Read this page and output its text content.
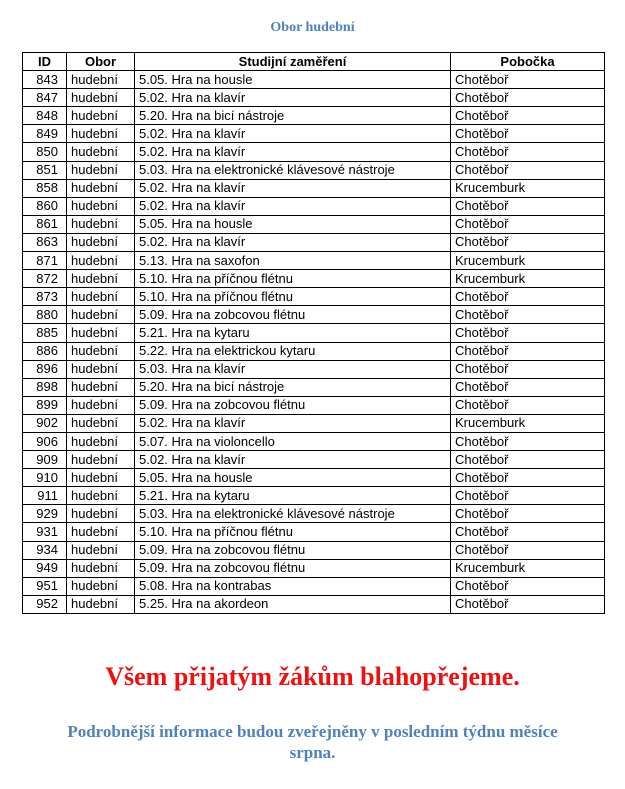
Obor hudební
ID	Obor	Studijní zaměření	Pobočka
843	hudební	5.05. Hra na housle	Chotěboř
847	hudební	5.02. Hra na klavír	Chotěboř
848	hudební	5.20. Hra na bicí nástroje	Chotěboř
849	hudební	5.02. Hra na klavír	Chotěboř
850	hudební	5.02. Hra na klavír	Chotěboř
851	hudební	5.03. Hra na elektronické klávesové nástroje	Chotěboř
858	hudební	5.02. Hra na klavír	Krucemburk
860	hudební	5.02. Hra na klavír	Chotěboř
861	hudební	5.05. Hra na housle	Chotěboř
863	hudební	5.02. Hra na klavír	Chotěboř
871	hudební	5.13. Hra na saxofon	Krucemburk
872	hudební	5.10. Hra na příčnou flétnu	Krucemburk
873	hudební	5.10. Hra na příčnou flétnu	Chotěboř
880	hudební	5.09. Hra na zobcovou flétnu	Chotěboř
885	hudební	5.21. Hra na kytaru	Chotěboř
886	hudební	5.22. Hra na elektrickou kytaru	Chotěboř
896	hudební	5.03. Hra na klavír	Chotěboř
898	hudební	5.20. Hra na bicí nástroje	Chotěboř
899	hudební	5.09. Hra na zobcovou flétnu	Chotěboř
902	hudební	5.02. Hra na klavír	Krucemburk
906	hudební	5.07. Hra na violoncello	Chotěboř
909	hudební	5.02. Hra na klavír	Chotěboř
910	hudební	5.05. Hra na housle	Chotěboř
911	hudební	5.21. Hra na kytaru	Chotěboř
929	hudební	5.03. Hra na elektronické klávesové nástroje	Chotěboř
931	hudební	5.10. Hra na příčnou flétnu	Chotěboř
934	hudební	5.09. Hra na zobcovou flétnu	Chotěboř
949	hudební	5.09. Hra na zobcovou flétnu	Krucemburk
951	hudební	5.08. Hra na kontrabas	Chotěboř
952	hudební	5.25. Hra na akordeon	Chotěboř
Všem přijatým žákům blahopřejeme.
Podrobnější informace budou zveřejněny v posledním týdnu měsíce srpna.
